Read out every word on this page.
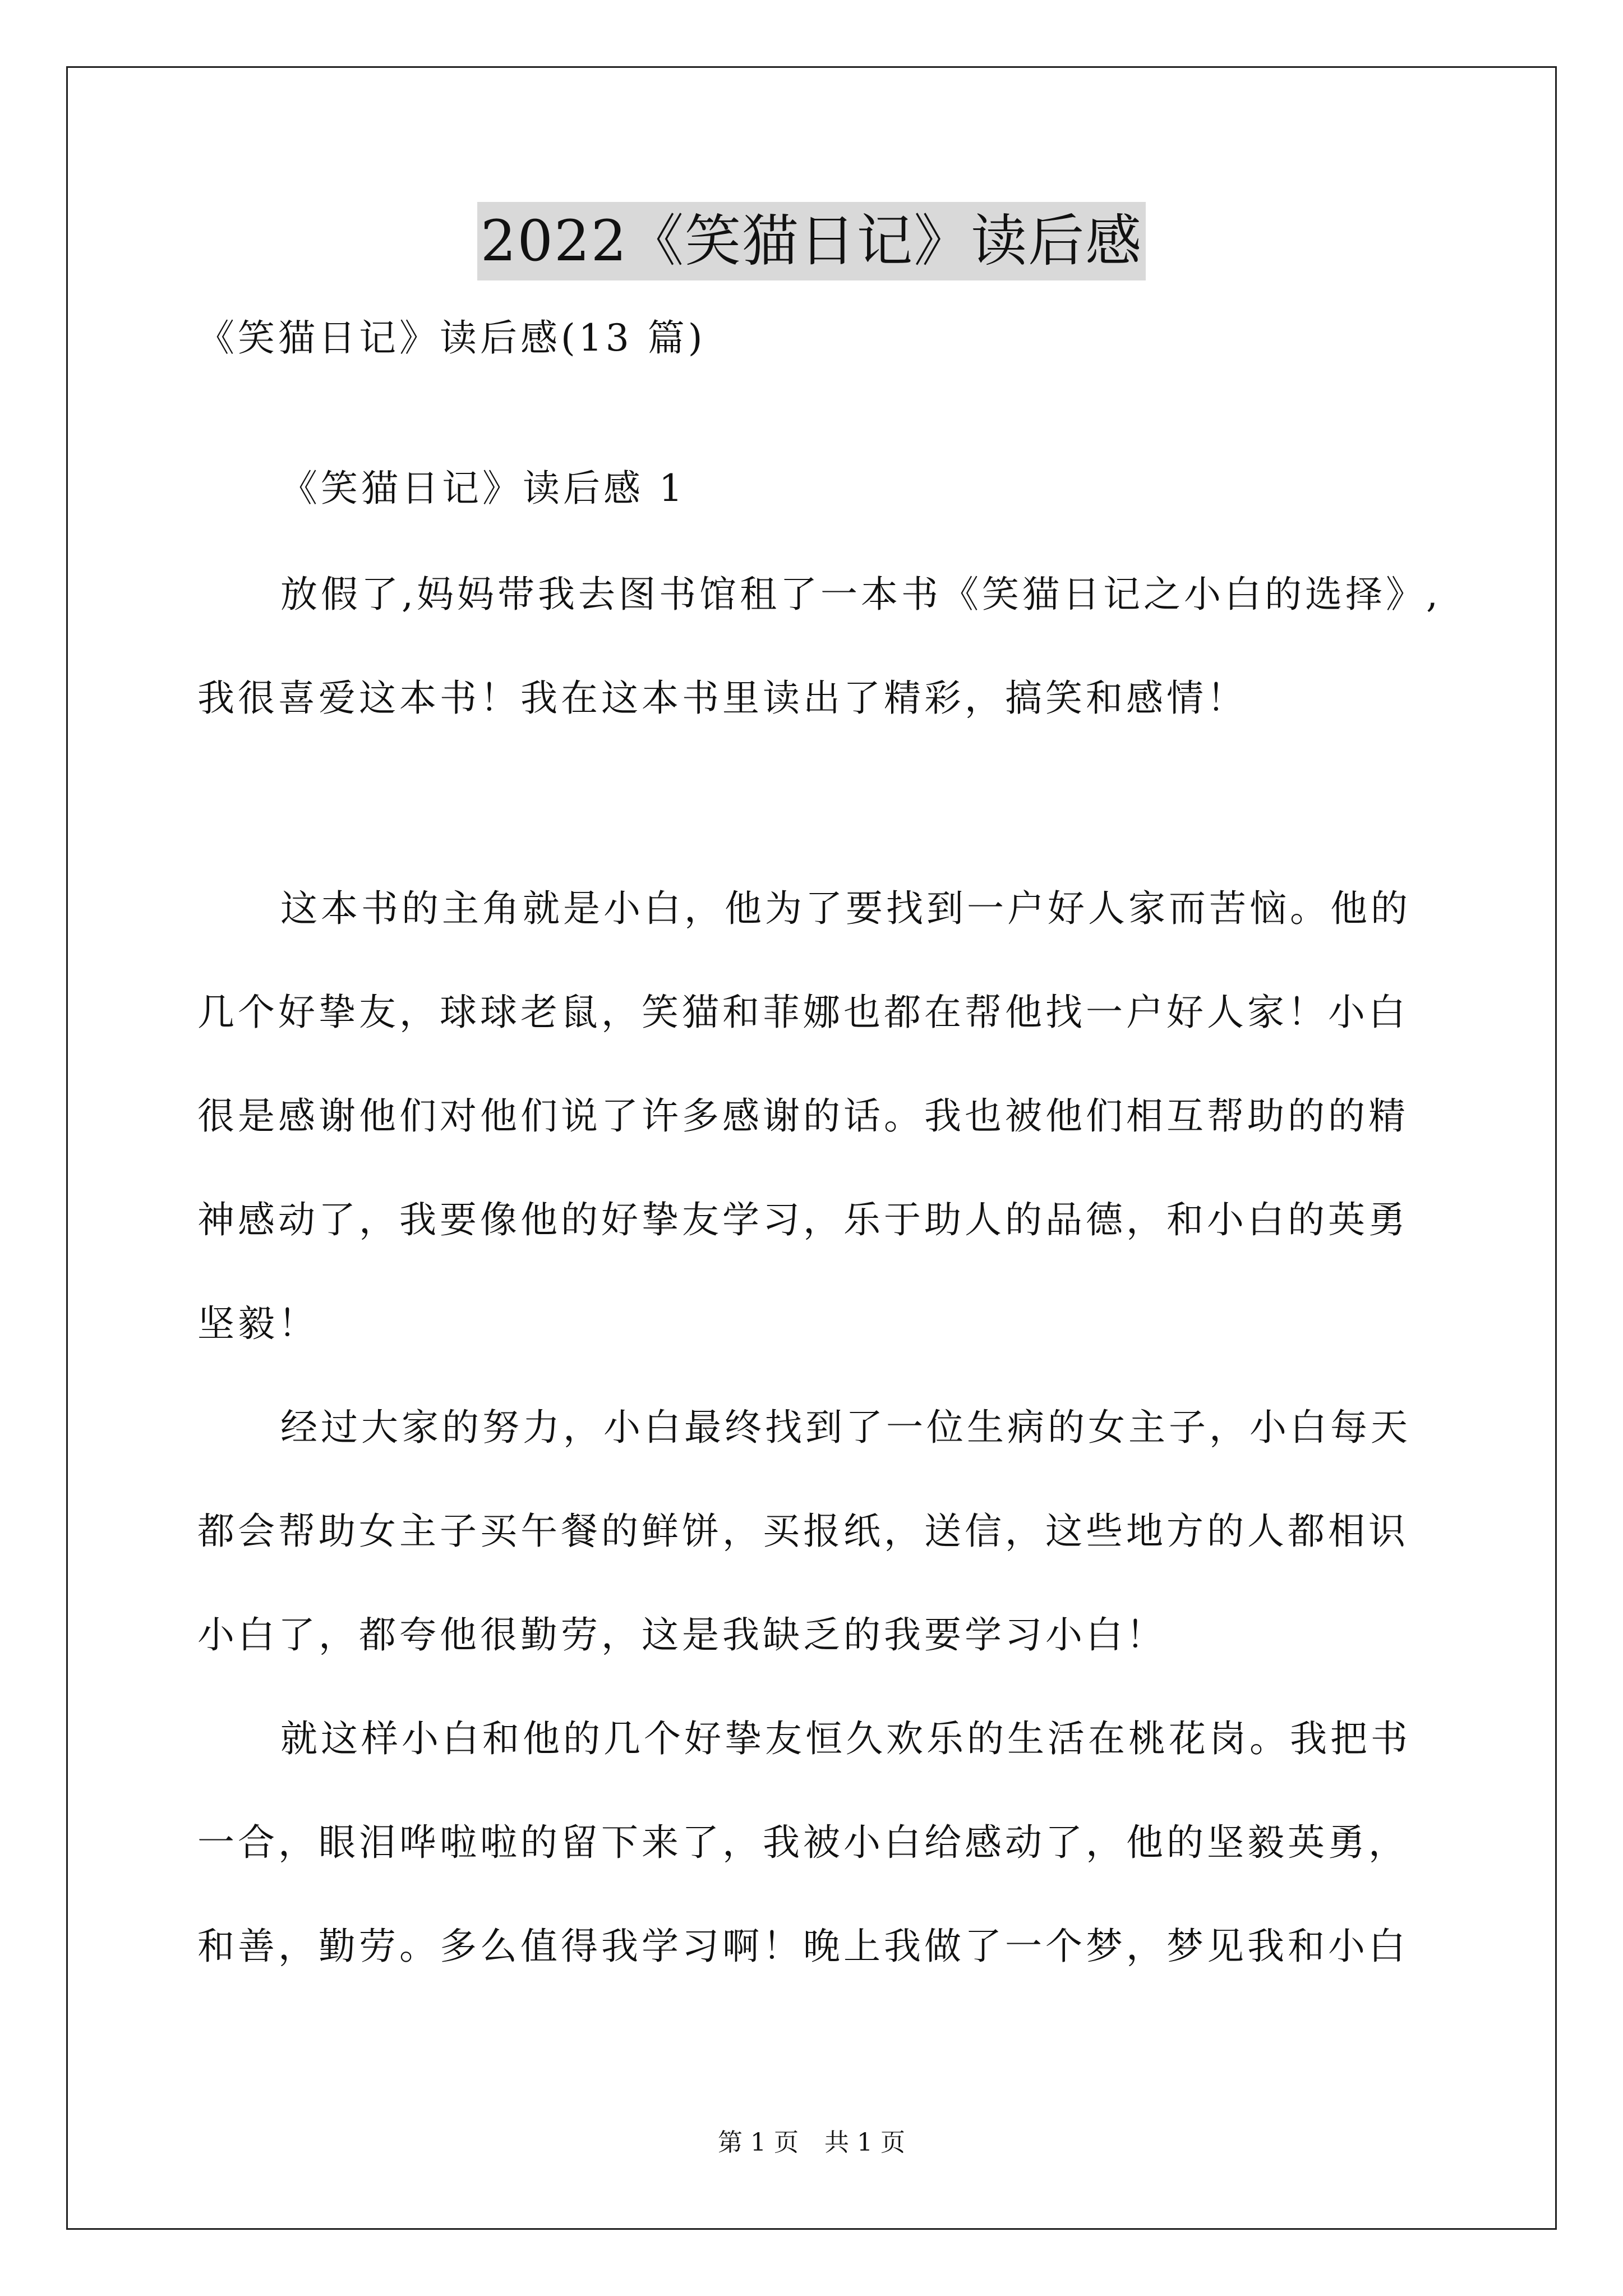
2022《笑猫日记》读后感
《笑猫日记》读后感(13 篇)
《笑猫日记》读后感 1
放假了,妈妈带我去图书馆租了一本书《笑猫日记之小白的选择》,
我很喜爱这本书！我在这本书里读出了精彩，搞笑和感情！
这本书的主角就是小白，他为了要找到一户好人家而苦恼。他的
几个好挚友，球球老鼠，笑猫和菲娜也都在帮他找一户好人家！小白
很是感谢他们对他们说了许多感谢的话。我也被他们相互帮助的的精
神感动了，我要像他的好挚友学习，乐于助人的品德，和小白的英勇
坚毅！
经过大家的努力，小白最终找到了一位生病的女主子，小白每天
都会帮助女主子买午餐的鲜饼，买报纸，送信，这些地方的人都相识
小白了，都夸他很勤劳，这是我缺乏的我要学习小白！
就这样小白和他的几个好挚友恒久欢乐的生活在桃花岗。我把书
一合，眼泪哗啦啦的留下来了，我被小白给感动了，他的坚毅英勇，
和善，勤劳。多么值得我学习啊！晚上我做了一个梦，梦见我和小白
第 1 页 共 1 页
